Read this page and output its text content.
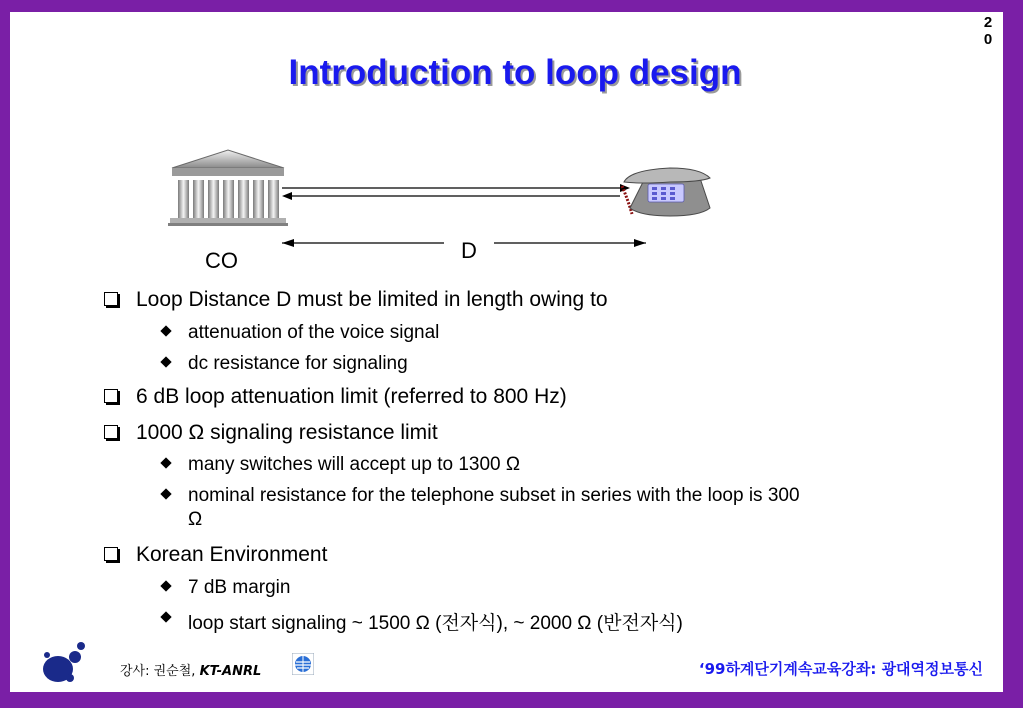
2
0
Introduction to loop design
CO	D
Loop Distance D must be limited in length owing to
attenuation of the voice signal
dc resistance for signaling
6 dB loop attenuation limit (referred to 800 Hz)
1000 Ω signaling resistance limit
many switches will accept up to 1300 Ω
nominal resistance for the telephone subset in series with the loop is 300
Ω
Korean Environment
7 dB margin
loop start signaling ~ 1500 Ω (전자식), ~ 2000 Ω (반전자식)
강사: 권순철, KT-ANRL	‘99하계단기계속교육강좌: 광대역정보통신
